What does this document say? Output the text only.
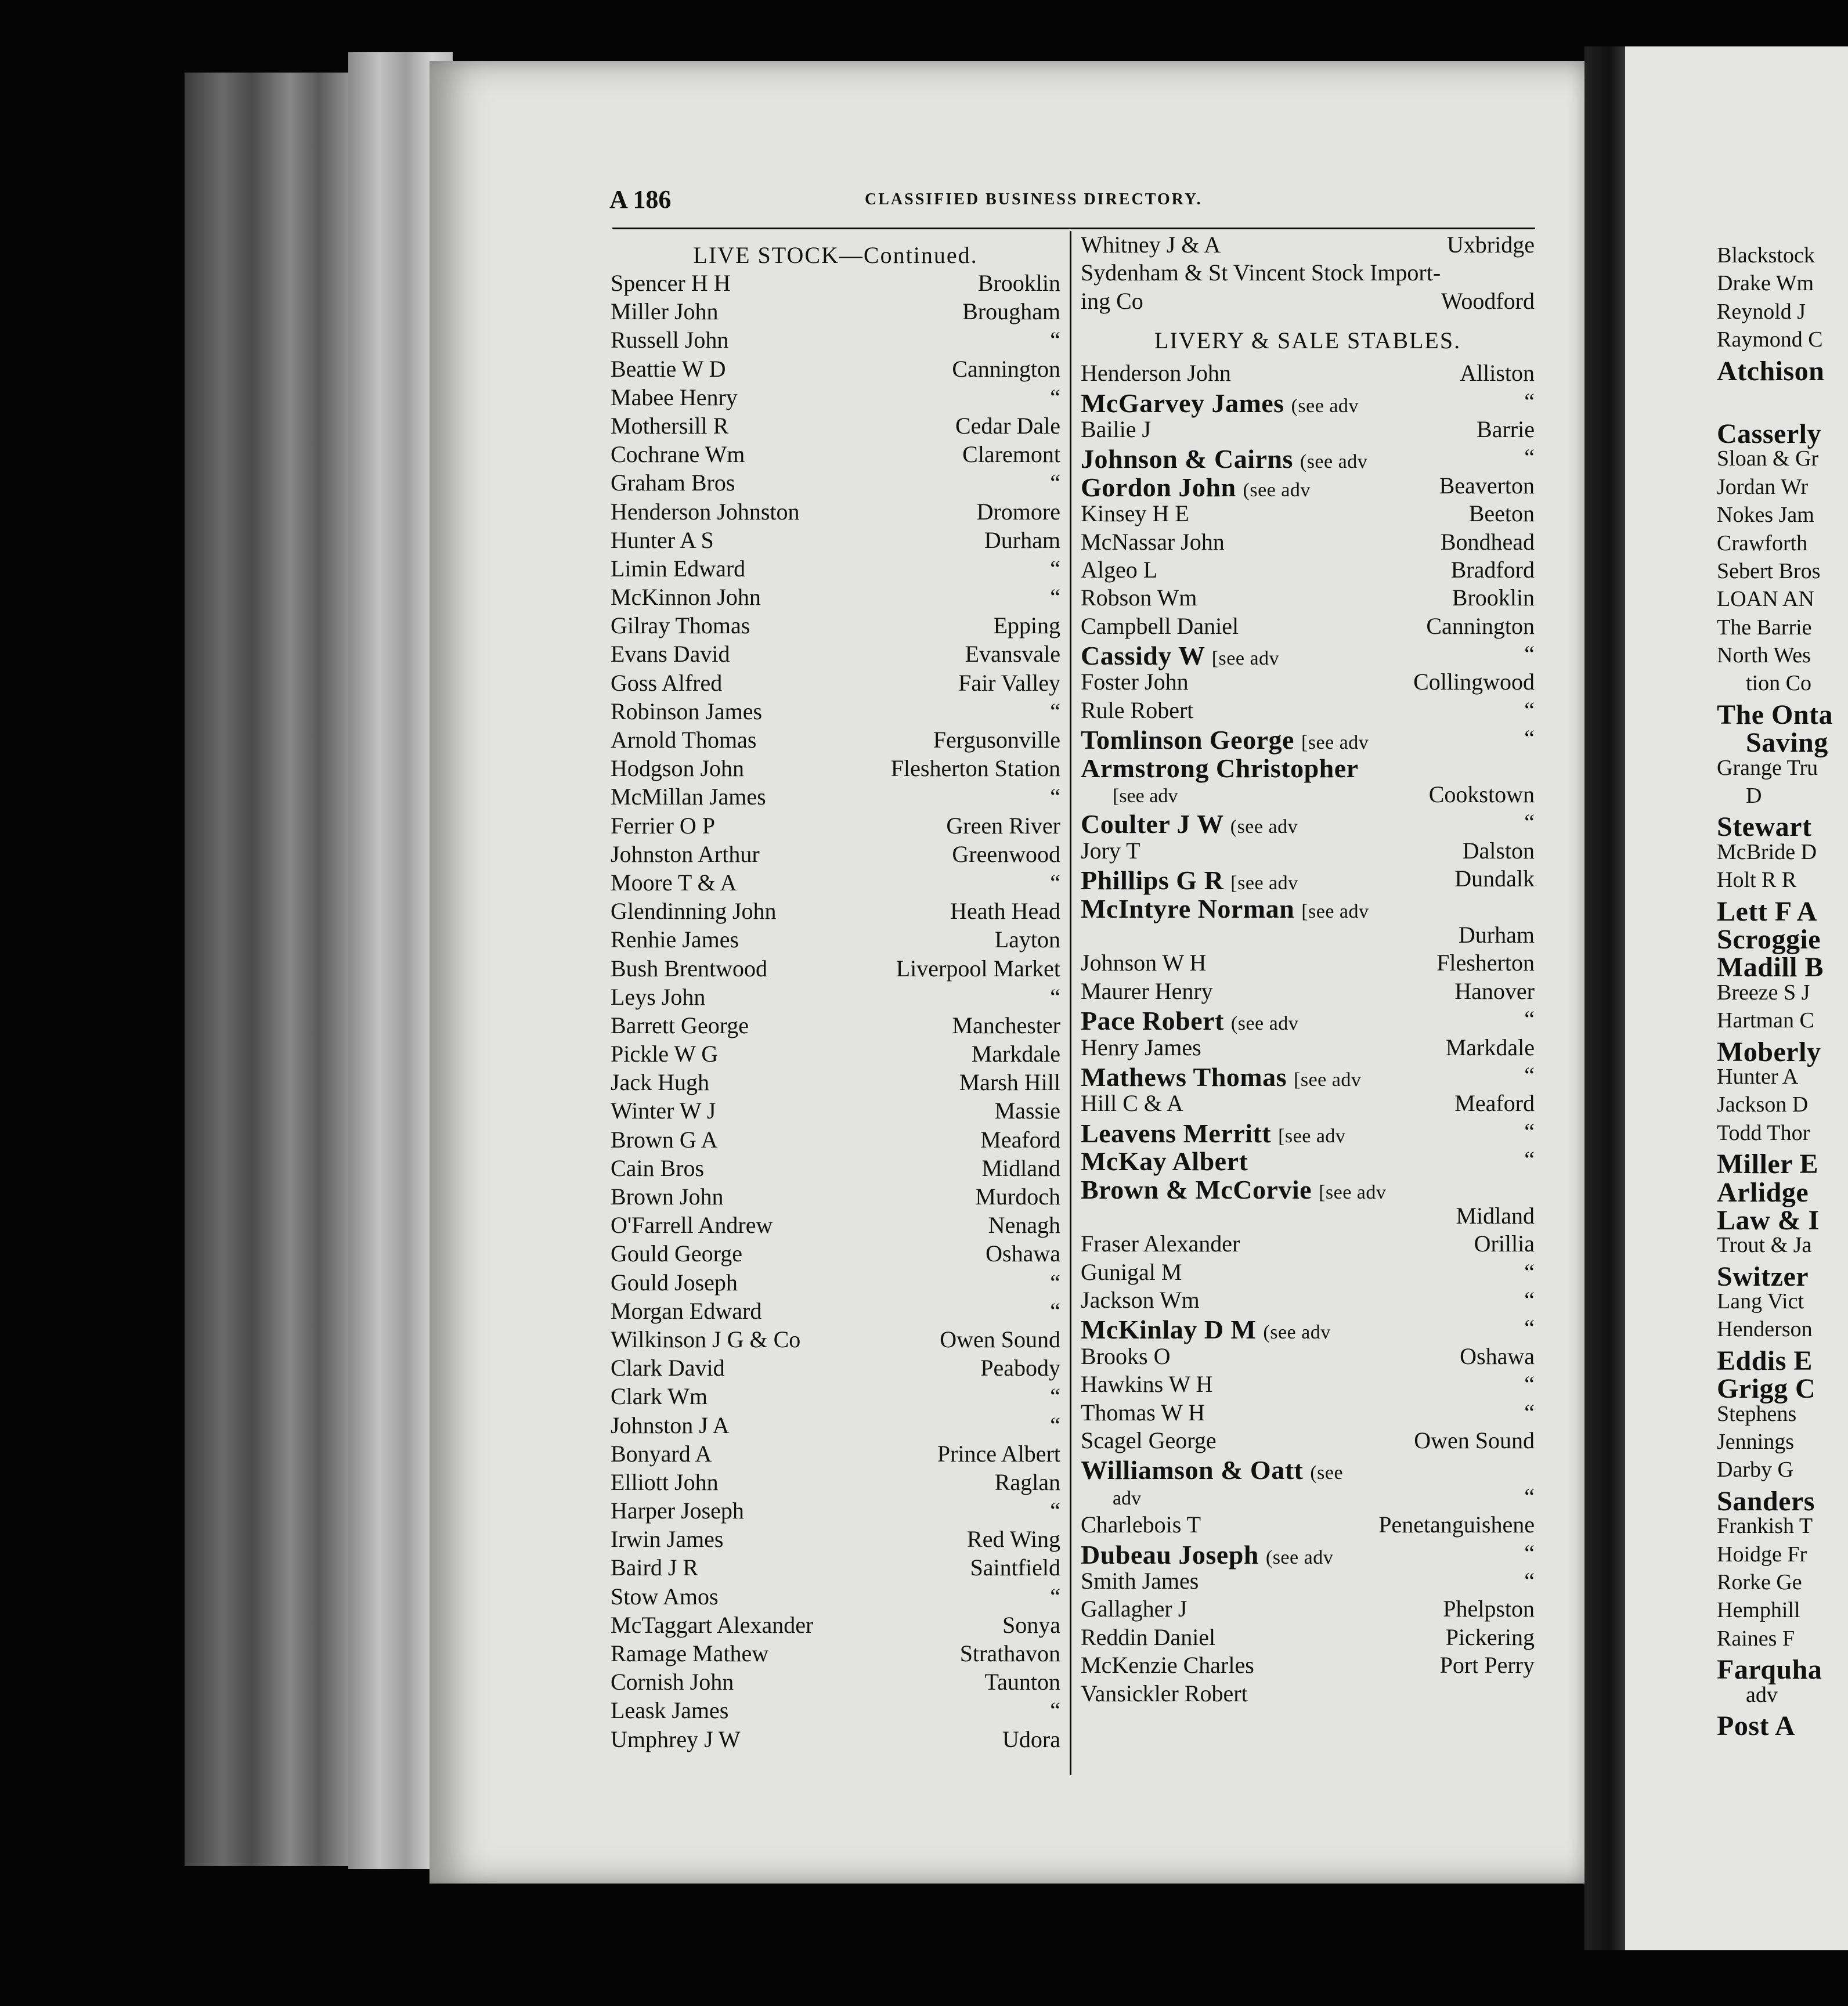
A 186	CLASSIFIED BUSINESS DIRECTORY.
LIVE STOCK—Continued.
Spencer H H	Brooklin
Miller John	Brougham
Russell John	“
Beattie W D	Cannington
Mabee Henry	“
Mothersill R	Cedar Dale
Cochrane Wm	Claremont
Graham Bros	“
Henderson Johnston	Dromore
Hunter A S	Durham
Limin Edward	“
McKinnon John	“
Gilray Thomas	Epping
Evans David	Evansvale
Goss Alfred	Fair Valley
Robinson James	“
Arnold Thomas	Fergusonville
Hodgson John	Flesherton Station
McMillan James	“
Ferrier O P	Green River
Johnston Arthur	Greenwood
Moore T & A	“
Glendinning John	Heath Head
Renhie James	Layton
Bush Brentwood	Liverpool Market
Leys John	“
Barrett George	Manchester
Pickle W G	Markdale
Jack Hugh	Marsh Hill
Winter W J	Massie
Brown G A	Meaford
Cain Bros	Midland
Brown John	Murdoch
O'Farrell Andrew	Nenagh
Gould George	Oshawa
Gould Joseph	“
Morgan Edward	“
Wilkinson J G & Co	Owen Sound
Clark David	Peabody
Clark Wm	“
Johnston J A	“
Bonyard A	Prince Albert
Elliott John	Raglan
Harper Joseph	“
Irwin James	Red Wing
Baird J R	Saintfield
Stow Amos	“
McTaggart Alexander	Sonya
Ramage Mathew	Strathavon
Cornish John	Taunton
Leask James	“
Umphrey J W	Udora
Whitney J & A	Uxbridge
Sydenham & St Vincent Stock Import-
ing Co	Woodford
LIVERY & SALE STABLES.
Henderson John	Alliston
McGarvey James (see adv	“
Bailie J	Barrie
Johnson & Cairns (see adv	“
Gordon John (see adv	Beaverton
Kinsey H E	Beeton
McNassar John	Bondhead
Algeo L	Bradford
Robson Wm	Brooklin
Campbell Daniel	Cannington
Cassidy W [see adv	“
Foster John	Collingwood
Rule Robert	“
Tomlinson George [see adv	“
Armstrong Christopher
[see adv	Cookstown
Coulter J W (see adv	“
Jory T	Dalston
Phillips G R [see adv	Dundalk
McIntyre Norman [see adv
Durham
Johnson W H	Flesherton
Maurer Henry	Hanover
Pace Robert (see adv	“
Henry James	Markdale
Mathews Thomas [see adv	“
Hill C & A	Meaford
Leavens Merritt [see adv	“
McKay Albert	“
Brown & McCorvie [see adv
Midland
Fraser Alexander	Orillia
Gunigal M	“
Jackson Wm	“
McKinlay D M (see adv	“
Brooks O	Oshawa
Hawkins W H	“
Thomas W H	“
Scagel George	Owen Sound
Williamson & Oatt (see
adv	“
Charlebois T	Penetanguishene
Dubeau Joseph (see adv	“
Smith James	“
Gallagher J	Phelpston
Reddin Daniel	Pickering
McKenzie Charles	Port Perry
Vansickler Robert
Blackstock
Drake Wm
Reynold J
Raymond C
Atchison
Casserly
Sloan & Gr
Jordan Wr
Nokes Jam
Crawforth
Sebert Bros
LOAN AN
The Barrie
North Wes
tion Co
The Onta
Saving
Grange Tru
D
Stewart
McBride D
Holt R R
Lett F A
Scroggie
Madill B
Breeze S J
Hartman C
Moberly
Hunter A
Jackson D
Todd Thor
Miller E
Arlidge
Law & I
Trout & Ja
Switzer
Lang Vict
Henderson
Eddis E
Grigg C
Stephens
Jennings
Darby G
Sanders
Frankish T
Hoidge Fr
Rorke Ge
Hemphill
Raines F
Farquha
adv
Post A
